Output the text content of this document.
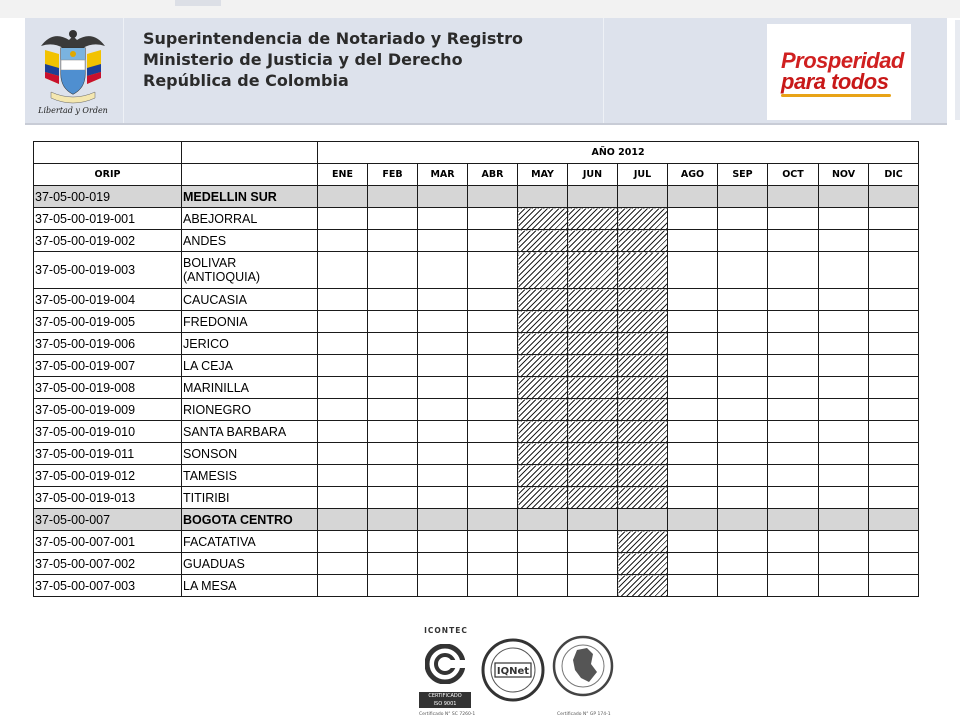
Libertad y Orden
Superintendencia de Notariado y Registro
Ministerio de Justicia y del Derecho
República de Colombia
Prosperidad
para todos
		AÑO 2012											
ORIP		ENE	FEB	MAR	ABR	MAY	JUN	JUL	AGO	SEP	OCT	NOV	DIC
37-05-00-019	MEDELLIN SUR												
37-05-00-019-001	ABEJORRAL												
37-05-00-019-002	ANDES												
37-05-00-019-003	BOLIVAR (ANTIOQUIA)												
37-05-00-019-004	CAUCASIA												
37-05-00-019-005	FREDONIA												
37-05-00-019-006	JERICO												
37-05-00-019-007	LA CEJA												
37-05-00-019-008	MARINILLA												
37-05-00-019-009	RIONEGRO												
37-05-00-019-010	SANTA BARBARA												
37-05-00-019-011	SONSON												
37-05-00-019-012	TAMESIS												
37-05-00-019-013	TITIRIBI												
37-05-00-007	BOGOTA CENTRO												
37-05-00-007-001	FACATATIVA												
37-05-00-007-002	GUADUAS												
37-05-00-007-003	LA MESA												
ICONTEC
CERTIFICADO
ISO 9001
Certificado N° SC 7260-1
IQNet
Certificado N° GP 174-1
